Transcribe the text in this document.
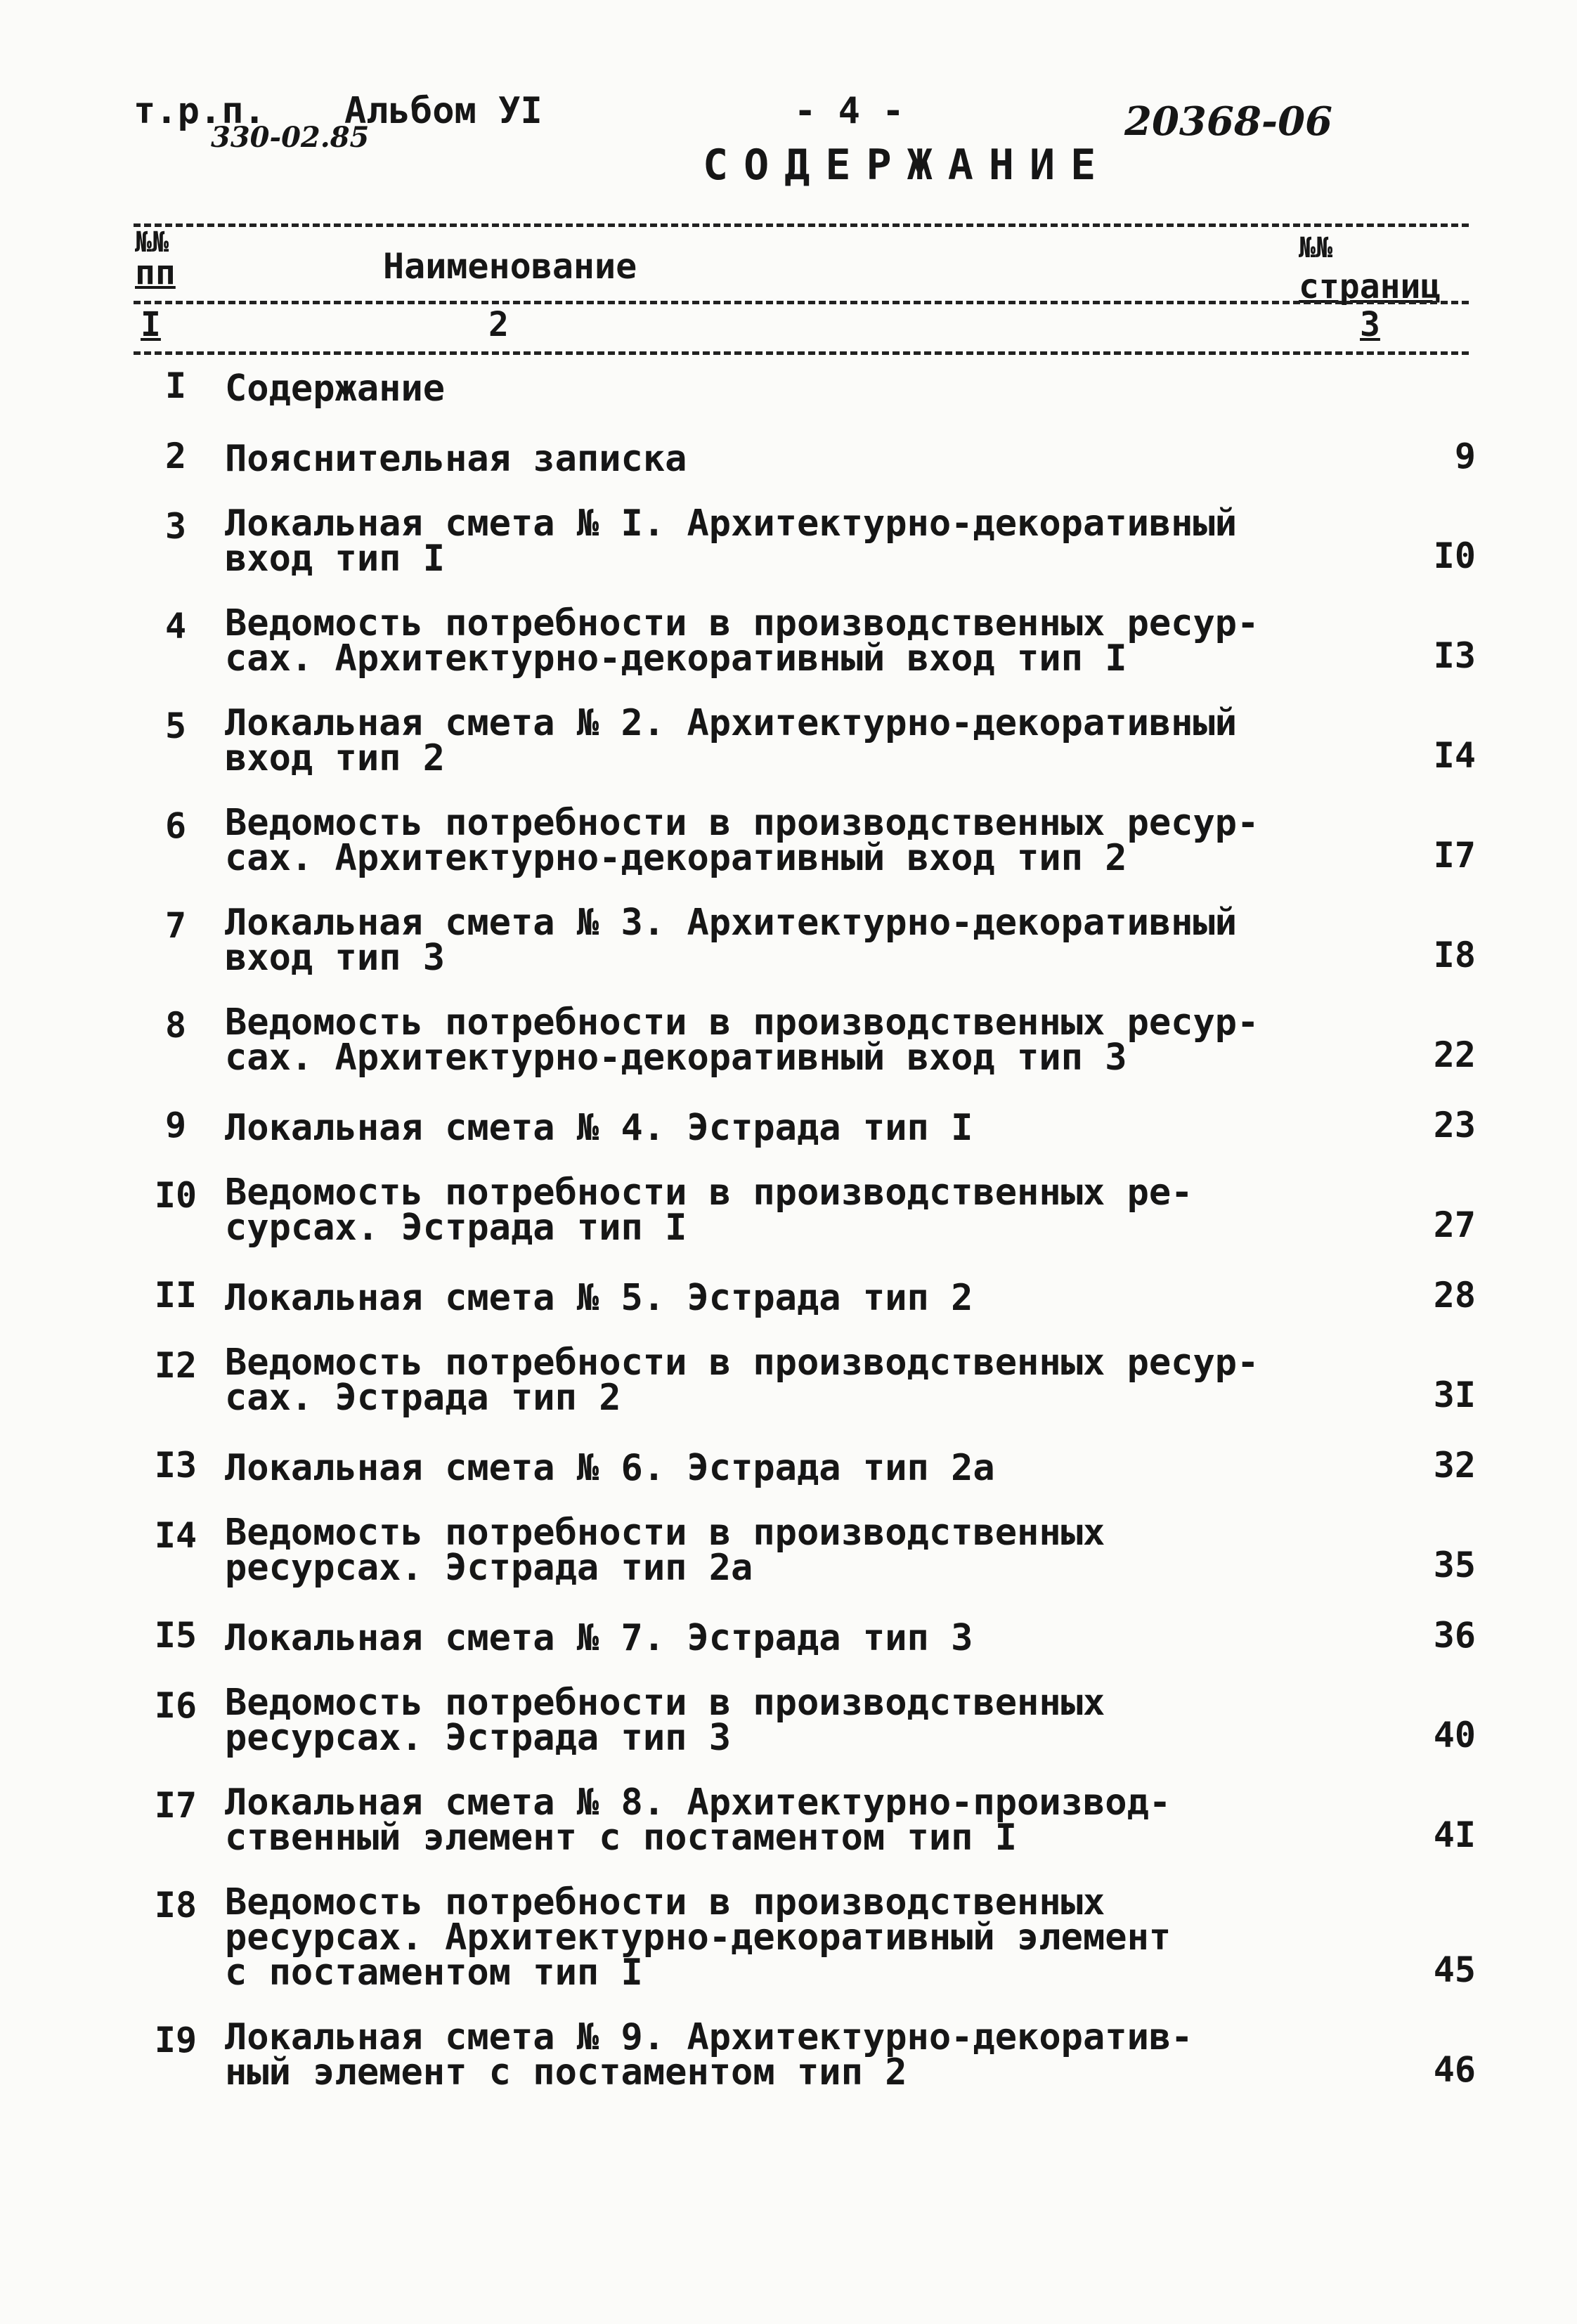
т.р.п. Альбом УI
330-02.85
- 4 -	20368-06
СОДЕРЖАНИЕ
№№
пп	Наименование	№№
страниц
I	2	3
I	Содержание
2	Пояснительная записка	9
3	Локальная смета № I. Архитектурно-декоративный
вход тип I	I0
4	Ведомость потребности в производственных ресур-
сах. Архитектурно-декоративный вход тип I	I3
5	Локальная смета № 2. Архитектурно-декоративный
вход тип 2	I4
6	Ведомость потребности в производственных ресур-
сах. Архитектурно-декоративный вход тип 2	I7
7	Локальная смета № 3. Архитектурно-декоративный
вход тип 3	I8
8	Ведомость потребности в производственных ресур-
сах. Архитектурно-декоративный вход тип 3	22
9	Локальная смета № 4. Эстрада тип I	23
I0 Ведомость потребности в производственных ре-
сурсах. Эстрада тип I	27
II Локальная смета № 5. Эстрада тип 2	28
I2 Ведомость потребности в производственных ресур-
сах. Эстрада тип 2	3I
I3 Локальная смета № 6. Эстрада тип 2а	32
I4 Ведомость потребности в производственных
ресурсах. Эстрада тип 2а	35
I5 Локальная смета № 7. Эстрада тип 3	36
I6 Ведомость потребности в производственных
ресурсах. Эстрада тип 3	40
I7 Локальная смета № 8. Архитектурно-производ-
ственный элемент с постаментом тип I	4I
I8 Ведомость потребности в производственных
ресурсах. Архитектурно-декоративный элемент
с постаментом тип I	45
I9 Локальная смета № 9. Архитектурно-декоратив-
ный элемент с постаментом тип 2	46
